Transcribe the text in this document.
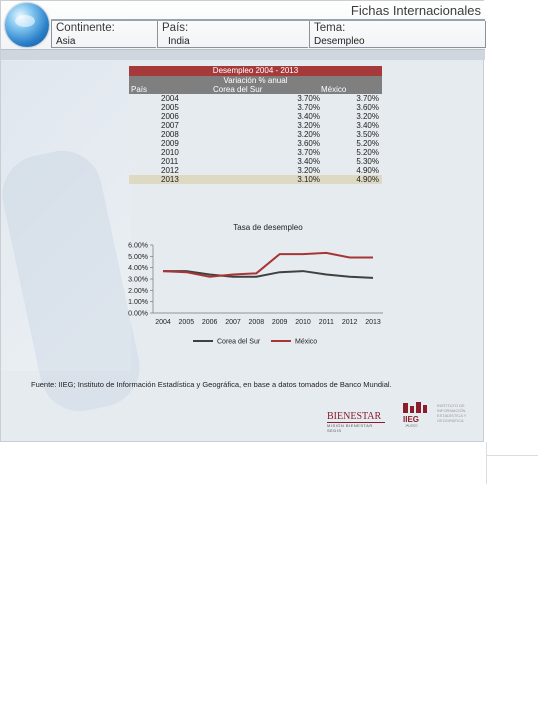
Fichas Internacionales
Continente:
Asia
País:
India
Tema:
Desempleo
Desempleo 2004 - 2013
Variación % anual
País	Corea del Sur	México
2004	3.70%	3.70%
2005	3.70%	3.60%
2006	3.40%	3.20%
2007	3.20%	3.40%
2008	3.20%	3.50%
2009	3.60%	5.20%
2010	3.70%	5.20%
2011	3.40%	5.30%
2012	3.20%	4.90%
2013	3.10%	4.90%
Tasa de desempleo
0.00%
1.00%
2.00%
3.00%
4.00%
5.00%
6.00%
2004 2005 2006 2007 2008 2009 2010 2011 2012 2013
Corea del Sur	México
Fuente: IIEG; Instituto de Información Estadística y Geográfica, en base a datos tomados de Banco Mundial.
BIENESTAR
MISIÓN BIENESTAR SEDIS
IIEG
JALISCO
INSTITUTO DE INFORMACIÓN ESTADÍSTICA Y GEOGRÁFICA
